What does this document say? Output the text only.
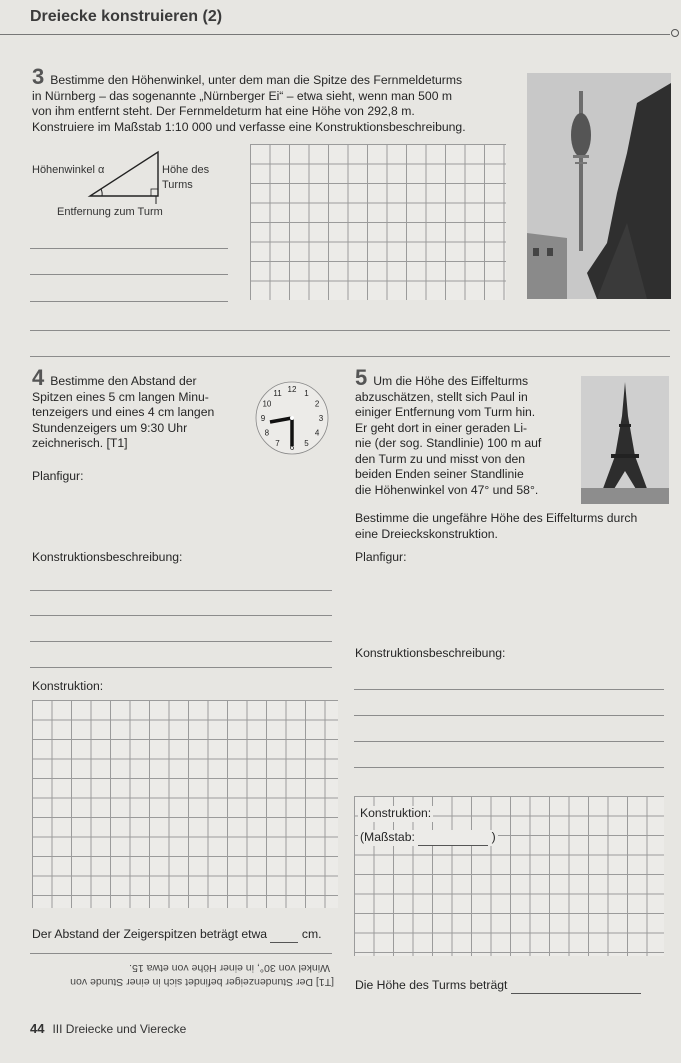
Dreiecke konstruieren (2)
3 Bestimme den Höhenwinkel, unter dem man die Spitze des Fernmeldeturms
in Nürnberg – das sogenannte „Nürnberger Ei“ – etwa sieht, wenn man 500 m
von ihm entfernt steht. Der Fernmeldeturm hat eine Höhe von 292,8 m.
Konstruiere im Maßstab 1:10 000 und verfasse eine Konstruktionsbeschreibung.
Höhenwinkel α	Höhe des
Turms
Entfernung zum Turm
4 Bestimme den Abstand der
Spitzen eines 5 cm langen Minu-
tenzeigers und eines 4 cm langen
Stundenzeigers um 9:30 Uhr
zeichnerisch. [T1]
12 1
2
3
4
5
6
7
8
9
10
11
Planfigur:
Konstruktionsbeschreibung:
Konstruktion:
Der Abstand der Zeigerspitzen beträgt etwa	cm.
Winkel von 30°, in einer Höhe von etwa 15.
[T1] Der Stundenzeiger befindet sich in einer Stunde von
5 Um die Höhe des Eiffelturms
abzuschätzen, stellt sich Paul in
einiger Entfernung vom Turm hin.
Er geht dort in einer geraden Li-
nie (der sog. Standlinie) 100 m auf
den Turm zu und misst von den
beiden Enden seiner Standlinie
die Höhenwinkel von 47° und 58°.
Bestimme die ungefähre Höhe des Eiffelturms durch
eine Dreieckskonstruktion.
Planfigur:
Konstruktionsbeschreibung:
Konstruktion:
(Maßstab:	)
Die Höhe des Turms beträgt
44 III Dreiecke und Vierecke
